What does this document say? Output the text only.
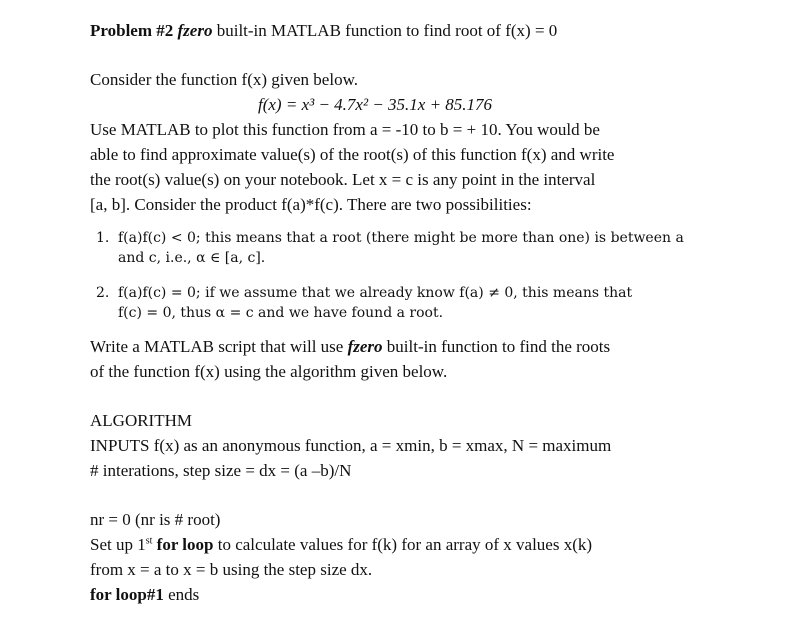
Problem #2 fzero built-in MATLAB function to find root of f(x) = 0

Consider the function f(x) given below.

f(x) = x³ − 4.7x² − 35.1x + 85.176

Use MATLAB to plot this function from a = -10 to b = + 10. You would be

able to find approximate value(s) of the root(s) of this function f(x) and write

the root(s) value(s) on your notebook. Let x = c is any point in the interval

[a, b]. Consider the product f(a)*f(c). There are two possibilities:

1. f(a)f(c) < 0; this means that a root (there might be more than one) is between a
and c, i.e., α ∈ [a, c].
2. f(a)f(c) = 0; if we assume that we already know f(a) ≠ 0, this means that
f(c) = 0, thus α = c and we have found a root.

Write a MATLAB script that will use fzero built-in function to find the roots

of the function f(x) using the algorithm given below.

ALGORITHM

INPUTS f(x) as an anonymous function, a = xmin, b = xmax, N = maximum

# interations, step size = dx = (a –b)/N

nr = 0 (nr is # root)

Set up 1st for loop to calculate values for f(k) for an array of x values x(k)

from x = a to x = b using the step size dx.

for loop#1 ends
